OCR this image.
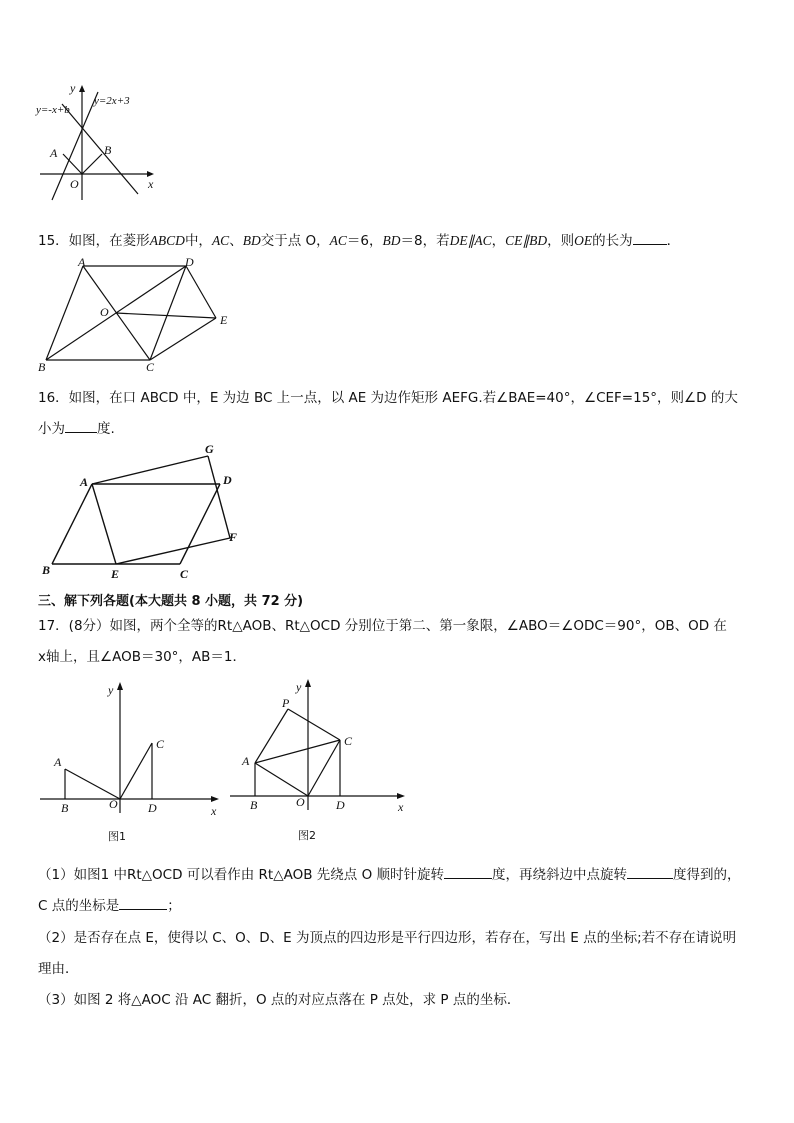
y
x
O
A	B
y=-x+b
y=2x+3
15．如图，在菱形ABCD中，AC、BD交于点 O，AC＝6，BD＝8，若DE∥AC，CE∥BD，则OE的长为	．
A	D
O
E
B	C
16．如图，在口 ABCD 中，E 为边 BC 上一点，以 AE 为边作矩形 AEFG.若∠BAE=40°，∠CEF=15°，则∠D 的大
小为 度.
A
G
D
F
B	E	C
三、解下列各题(本大题共 8 小题，共 72 分)
17．(8分）如图，两个全等的Rt△AOB、Rt△OCD 分别位于第二、第一象限，∠ABO＝∠ODC＝90°，OB、OD 在
x轴上，且∠AOB＝30°，AB＝1．
y
x
A
B	O
C
D
图1
y
x
P
A
C
B	O	D
图2
（1）如图1 中Rt△OCD 可以看作由 Rt△AOB 先绕点 O 顺时针旋转	度，再绕斜边中点旋转	度得到的，
C 点的坐标是	；
（2）是否存在点 E，使得以 C、O、D、E 为顶点的四边形是平行四边形，若存在，写出 E 点的坐标;若不存在请说明
理由．
（3）如图 2 将△AOC 沿 AC 翻折，O 点的对应点落在 P 点处，求 P 点的坐标．
